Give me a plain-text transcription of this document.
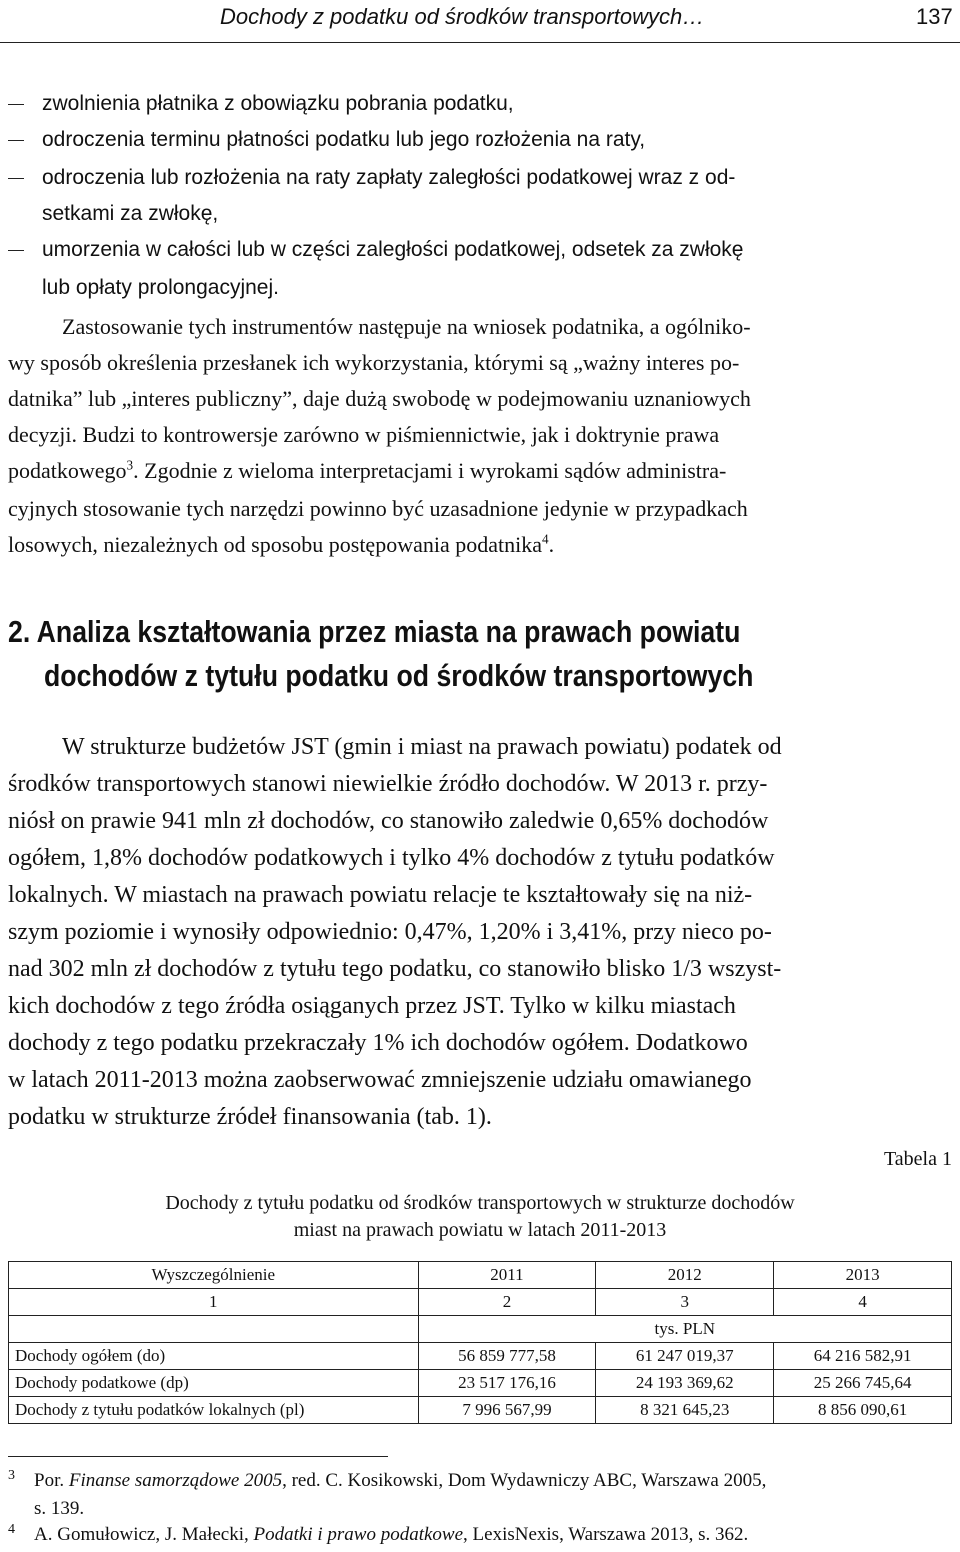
Dochody z podatku od środków transportowych…	137
zwolnienia płatnika z obowiązku pobrania podatku,
odroczenia terminu płatności podatku lub jego rozłożenia na raty,
odroczenia lub rozłożenia na raty zapłaty zaległości podatkowej wraz z od-
setkami za zwłokę,
umorzenia w całości lub w części zaległości podatkowej, odsetek za zwłokę
lub opłaty prolongacyjnej.
Zastosowanie tych instrumentów następuje na wniosek podatnika, a ogólniko-
wy sposób określenia przesłanek ich wykorzystania, którymi są „ważny interes po-
datnika” lub „interes publiczny”, daje dużą swobodę w podejmowaniu uznaniowych
decyzji. Budzi to kontrowersje zarówno w piśmiennictwie, jak i doktrynie prawa
podatkowego$^3$. Zgodnie z wieloma interpretacjami i wyrokami sądów administra-
cyjnych stosowanie tych narzędzi powinno być uzasadnione jedynie w przypadkach
losowych, niezależnych od sposobu postępowania podatnika$^4$.
2. Analiza kształtowania przez miasta na prawach powiatu
dochodów z tytułu podatku od środków transportowych
W strukturze budżetów JST (gmin i miast na prawach powiatu) podatek od
środków transportowych stanowi niewielkie źródło dochodów. W 2013 r. przy-
niósł on prawie 941 mln zł dochodów, co stanowiło zaledwie 0,65% dochodów
ogółem, 1,8% dochodów podatkowych i tylko 4% dochodów z tytułu podatków
lokalnych. W miastach na prawach powiatu relacje te kształtowały się na niż-
szym poziomie i wynosiły odpowiednio: 0,47%, 1,20% i 3,41%, przy nieco po-
nad 302 mln zł dochodów z tytułu tego podatku, co stanowiło blisko 1/3 wszyst-
kich dochodów z tego źródła osiąganych przez JST. Tylko w kilku miastach
dochody z tego podatku przekraczały 1% ich dochodów ogółem. Dodatkowo
w latach 2011-2013 można zaobserwować zmniejszenie udziału omawianego
podatku w strukturze źródeł finansowania (tab. 1).
Tabela 1
Dochody z tytułu podatku od środków transportowych w strukturze dochodów
miast na prawach powiatu w latach 2011-2013
Wyszczególnienie	2011	2012	2013
1	2	3	4
	tys. PLN		
Dochody ogółem (do)	56 859 777,58	61 247 019,37	64 216 582,91
Dochody podatkowe (dp)	23 517 176,16	24 193 369,62	25 266 745,64
Dochody z tytułu podatków lokalnych (pl)	7 996 567,99	8 321 645,23	8 856 090,61
3 Por. Finanse samorządowe 2005, red. C. Kosikowski, Dom Wydawniczy ABC, Warszawa 2005,
s. 139.
4 A. Gomułowicz, J. Małecki, Podatki i prawo podatkowe, LexisNexis, Warszawa 2013, s. 362.
